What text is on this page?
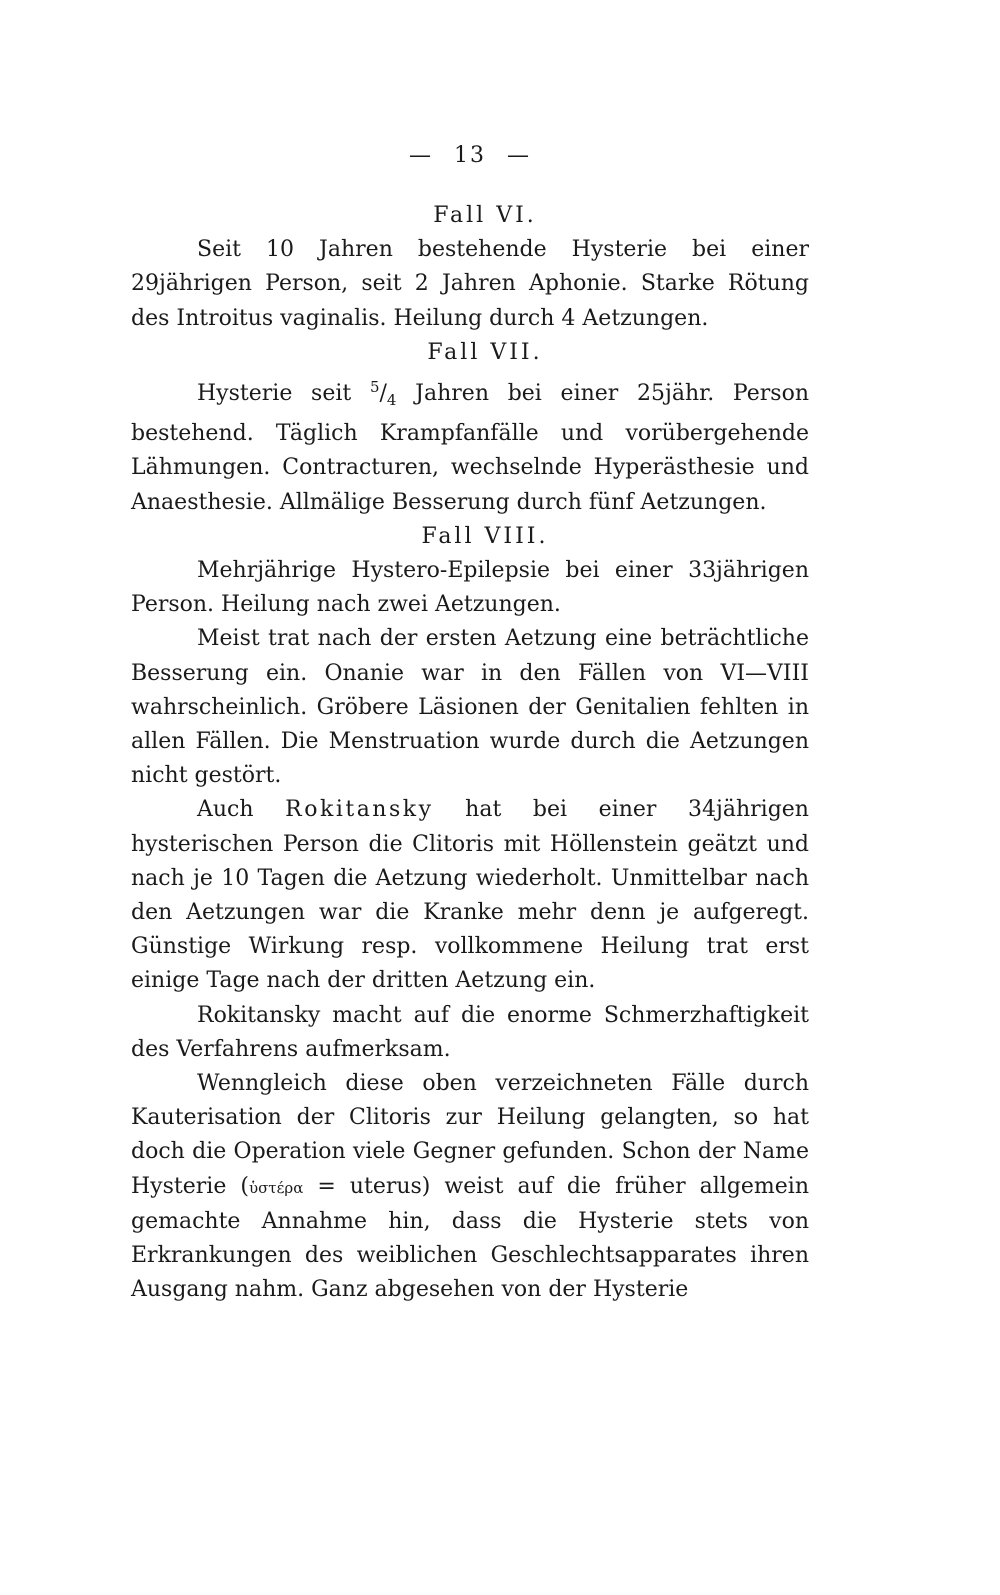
— 13 —
Fall VI.

Seit 10 Jahren bestehende Hysterie bei einer 29jährigen Person, seit 2 Jahren Aphonie. Starke Rötung des Introitus vaginalis. Heilung durch 4 Aetzungen.

Fall VII.

Hysterie seit $^5/_4$ Jahren bei einer 25jähr. Person bestehend. Täglich Krampfanfälle und vorübergehende Lähmungen. Contracturen, wechselnde Hyperästhesie und Anaesthesie. Allmälige Besserung durch fünf Aetzungen.

Fall VIII.

Mehrjährige Hystero-Epilepsie bei einer 33jährigen Person. Heilung nach zwei Aetzungen.

Meist trat nach der ersten Aetzung eine beträchtliche Besserung ein. Onanie war in den Fällen von VI—VIII wahrscheinlich. Gröbere Läsionen der Genitalien fehlten in allen Fällen. Die Menstruation wurde durch die Aetzungen nicht gestört.

Auch Rokitansky hat bei einer 34jährigen hysterischen Person die Clitoris mit Höllenstein geätzt und nach je 10 Tagen die Aetzung wiederholt. Unmittelbar nach den Aetzungen war die Kranke mehr denn je aufgeregt. Günstige Wirkung resp. vollkommene Heilung trat erst einige Tage nach der dritten Aetzung ein.

Rokitansky macht auf die enorme Schmerzhaftigkeit des Verfahrens aufmerksam.

Wenngleich diese oben verzeichneten Fälle durch Kauterisation der Clitoris zur Heilung gelangten, so hat doch die Operation viele Gegner gefunden. Schon der Name Hysterie (ὑστέρα = uterus) weist auf die früher allgemein gemachte Annahme hin, dass die Hysterie stets von Erkrankungen des weiblichen Geschlechtsapparates ihren Ausgang nahm. Ganz abgesehen von der Hysterie
